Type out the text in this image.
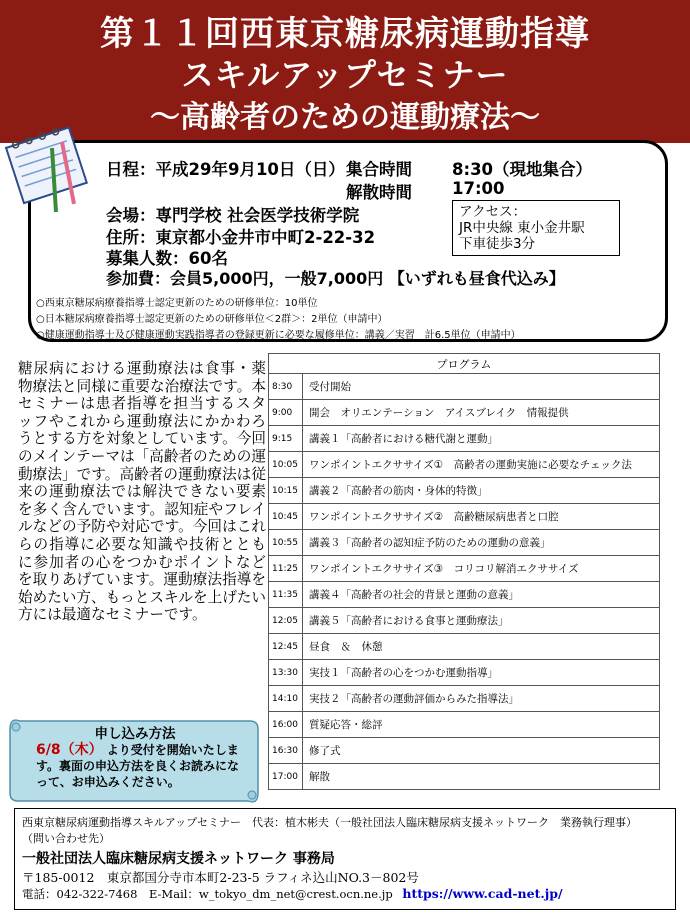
第１１回西東京糖尿病運動指導
スキルアップセミナー
～高齢者のための運動療法～
日程：平成29年9月10日（日） 集合時間 8:30（現地集合）
解散時間 17:00
会場：専門学校 社会医学技術学院
住所：東京都小金井市中町2-22-32
募集人数：60名
参加費：会員5,000円，一般7,000円 【いずれも昼食代込み】
アクセス：
JR中央線 東小金井駅
下車徒歩3分
○西東京糖尿病療養指導士認定更新のための研修単位：10単位
○日本糖尿病療養指導士認定更新のための研修単位＜2群＞：2単位（申請中）
○健康運動指導士及び健康運動実践指導者の登録更新に必要な履修単位：講義／実習　計6.5単位（申請中）
糖尿病における運動療法は食事・薬物療法と同様に重要な治療法です。本セミナーは患者指導を担当するスタッフやこれから運動療法にかかわろうとする方を対象としています。今回のメインテーマは「高齢者のための運動療法」です。高齢者の運動療法は従来の運動療法では解決できない要素を多く含んでいます。認知症やフレイルなどの予防や対応です。今回はこれらの指導に必要な知識や技術とともに参加者の心をつかむポイントなどを取りあげています。運動療法指導を始めたい方、もっとスキルを上げたい方には最適なセミナーです。
プログラム	
8:30	受付開始
9:00	開会　オリエンテーション　アイスブレイク　情報提供
9:15	講義１「高齢者における糖代謝と運動」
10:05	ワンポイントエクササイズ①　高齢者の運動実施に必要なチェック法
10:15	講義２「高齢者の筋肉・身体的特徴」
10:45	ワンポイントエクササイズ②　高齢糖尿病患者と口腔
10:55	講義３「高齢者の認知症予防のための運動の意義」
11:25	ワンポイントエクササイズ③　コリコリ解消エクササイズ
11:35	講義４「高齢者の社会的背景と運動の意義」
12:05	講義５「高齢者における食事と運動療法」
12:45	昼食　＆　休憩
13:30	実技１「高齢者の心をつかむ運動指導」
14:10	実技２「高齢者の運動評価からみた指導法」
16:00	質疑応答・総評
16:30	修了式
17:00	解散
申し込み方法
6/8（木） より受付を開始いたします。裏面の申込方法を良くお読みになって、お申込みください。
西東京糖尿病運動指導スキルアップセミナー　代表：植木彬夫（一般社団法人臨床糖尿病支援ネットワーク　業務執行理事）
（問い合わせ先）
一般社団法人臨床糖尿病支援ネットワーク 事務局
〒185-0012　東京都国分寺市本町2-23-5 ラフィネ込山NO.3－802号
電話：042-322-7468　E-Mail：w_tokyo_dm_net@crest.ocn.ne.jp https://www.cad-net.jp/
